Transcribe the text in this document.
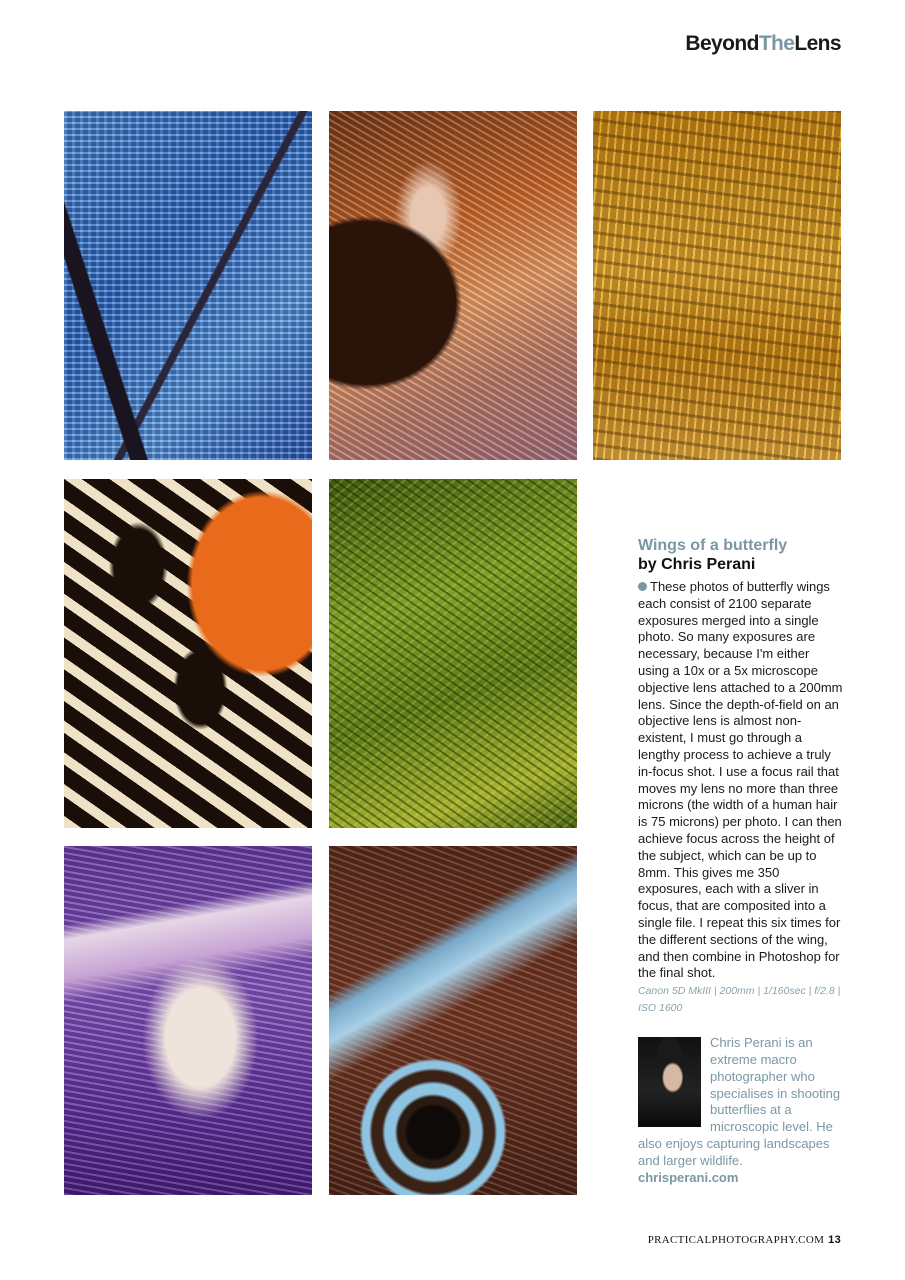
BeyondTheLens
Wings of a butterfly
by Chris Perani
These photos of butterfly wings each consist of 2100 separate exposures merged into a single photo. So many exposures are necessary, because I'm either using a 10x or a 5x microscope objective lens attached to a 200mm lens. Since the depth-of-field on an objective lens is almost non-existent, I must go through a lengthy process to achieve a truly in-focus shot. I use a focus rail that moves my lens no more than three microns (the width of a human hair is 75 microns) per photo. I can then achieve focus across the height of the subject, which can be up to 8mm. This gives me 350 exposures, each with a sliver in focus, that are composited into a single file. I repeat this six times for the different sections of the wing, and then combine in Photoshop for the final shot.
Canon 5D MkIII | 200mm | 1/160sec | f/2.8 | ISO 1600
Chris Perani is an extreme macro photographer who specialises in shooting butterflies at a microscopic level. He also enjoys capturing landscapes and larger wildlife.
chrisperani.com
PRACTICALPHOTOGRAPHY.COM 13
